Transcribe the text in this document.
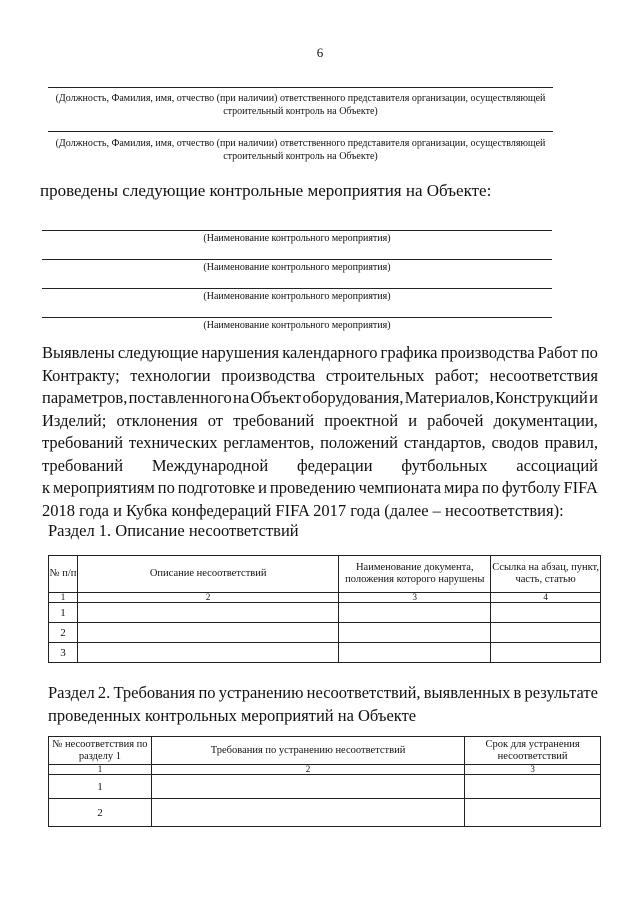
6
(Должность, Фамилия, имя, отчество (при наличии) ответственного представителя организации, осуществляющей строительный контроль на Объекте)
(Должность, Фамилия, имя, отчество (при наличии) ответственного представителя организации, осуществляющей строительный контроль на Объекте)
проведены следующие контрольные мероприятия на Объекте:
(Наименование контрольного мероприятия)
(Наименование контрольного мероприятия)
(Наименование контрольного мероприятия)
(Наименование контрольного мероприятия)
Выявлены следующие нарушения календарного графика производства Работ по
Контракту; технологии производства строительных работ; несоответствия
параметров, поставленного на Объект оборудования, Материалов, Конструкций и
Изделий; отклонения от требований проектной и рабочей документации,
требований технических регламентов, положений стандартов, сводов правил,
требований Международной федерации футбольных ассоциаций
к мероприятиям по подготовке и проведению чемпионата мира по футболу FIFA
2018 года и Кубка конфедераций FIFA 2017 года (далее – несоответствия):
Раздел 1. Описание несоответствий
№ п/п	Описание несоответствий	Наименование документа, положения которого нарушены	Ссылка на абзац, пункт, часть, статью
1	2	3	4
1			
2			
3			
Раздел 2. Требования по устранению несоответствий, выявленных в результате
проведенных контрольных мероприятий на Объекте
№ несоответствия по разделу 1	Требования по устранению несоответствий	Срок для устранения несоответствий
1	2	3
1		
2		
